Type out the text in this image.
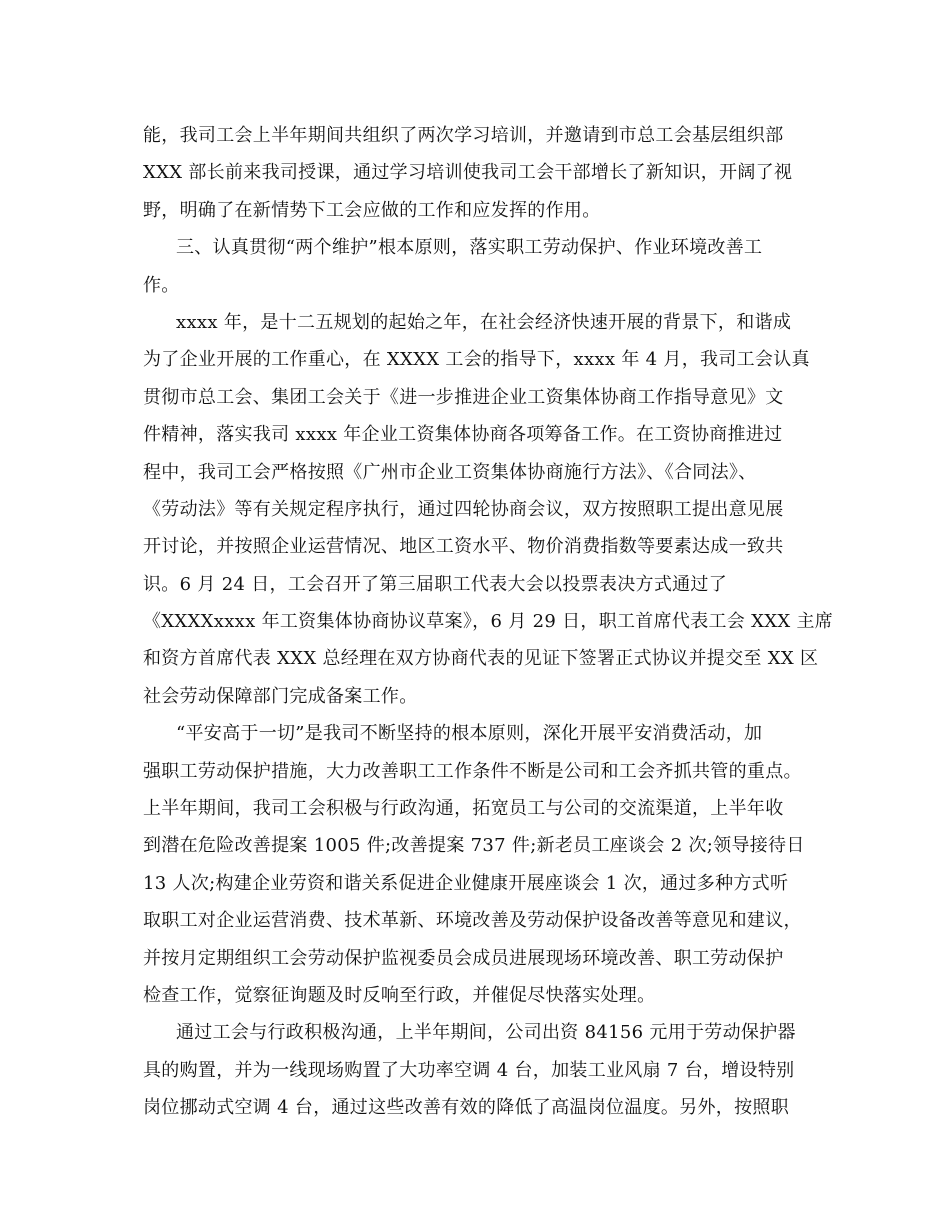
能，我司工会上半年期间共组织了两次学习培训，并邀请到市总工会基层组织部
XXX 部长前来我司授课，通过学习培训使我司工会干部增长了新知识，开阔了视
野，明确了在新情势下工会应做的工作和应发挥的作用。
三、认真贯彻“两个维护”根本原则，落实职工劳动保护、作业环境改善工
作。
xxxx 年，是十二五规划的起始之年，在社会经济快速开展的背景下，和谐成
为了企业开展的工作重心，在 XXXX 工会的指导下，xxxx 年 4 月，我司工会认真
贯彻市总工会、集团工会关于《进一步推进企业工资集体协商工作指导意见》文
件精神，落实我司 xxxx 年企业工资集体协商各项筹备工作。在工资协商推进过
程中，我司工会严格按照《广州市企业工资集体协商施行方法》、《合同法》、
《劳动法》等有关规定程序执行，通过四轮协商会议，双方按照职工提出意见展
开讨论，并按照企业运营情况、地区工资水平、物价消费指数等要素达成一致共
识。6 月 24 日，工会召开了第三届职工代表大会以投票表决方式通过了
《XXXXxxxx 年工资集体协商协议草案》，6 月 29 日，职工首席代表工会 XXX 主席
和资方首席代表 XXX 总经理在双方协商代表的见证下签署正式协议并提交至 XX 区
社会劳动保障部门完成备案工作。
“平安高于一切”是我司不断坚持的根本原则，深化开展平安消费活动，加
强职工劳动保护措施，大力改善职工工作条件不断是公司和工会齐抓共管的重点。
上半年期间，我司工会积极与行政沟通，拓宽员工与公司的交流渠道，上半年收
到潜在危险改善提案 1005 件;改善提案 737 件;新老员工座谈会 2 次;领导接待日
13 人次;构建企业劳资和谐关系促进企业健康开展座谈会 1 次，通过多种方式听
取职工对企业运营消费、技术革新、环境改善及劳动保护设备改善等意见和建议，
并按月定期组织工会劳动保护监视委员会成员进展现场环境改善、职工劳动保护
检查工作，觉察征询题及时反响至行政，并催促尽快落实处理。
通过工会与行政积极沟通，上半年期间，公司出资 84156 元用于劳动保护器
具的购置，并为一线现场购置了大功率空调 4 台，加装工业风扇 7 台，增设特别
岗位挪动式空调 4 台，通过这些改善有效的降低了高温岗位温度。另外，按照职
